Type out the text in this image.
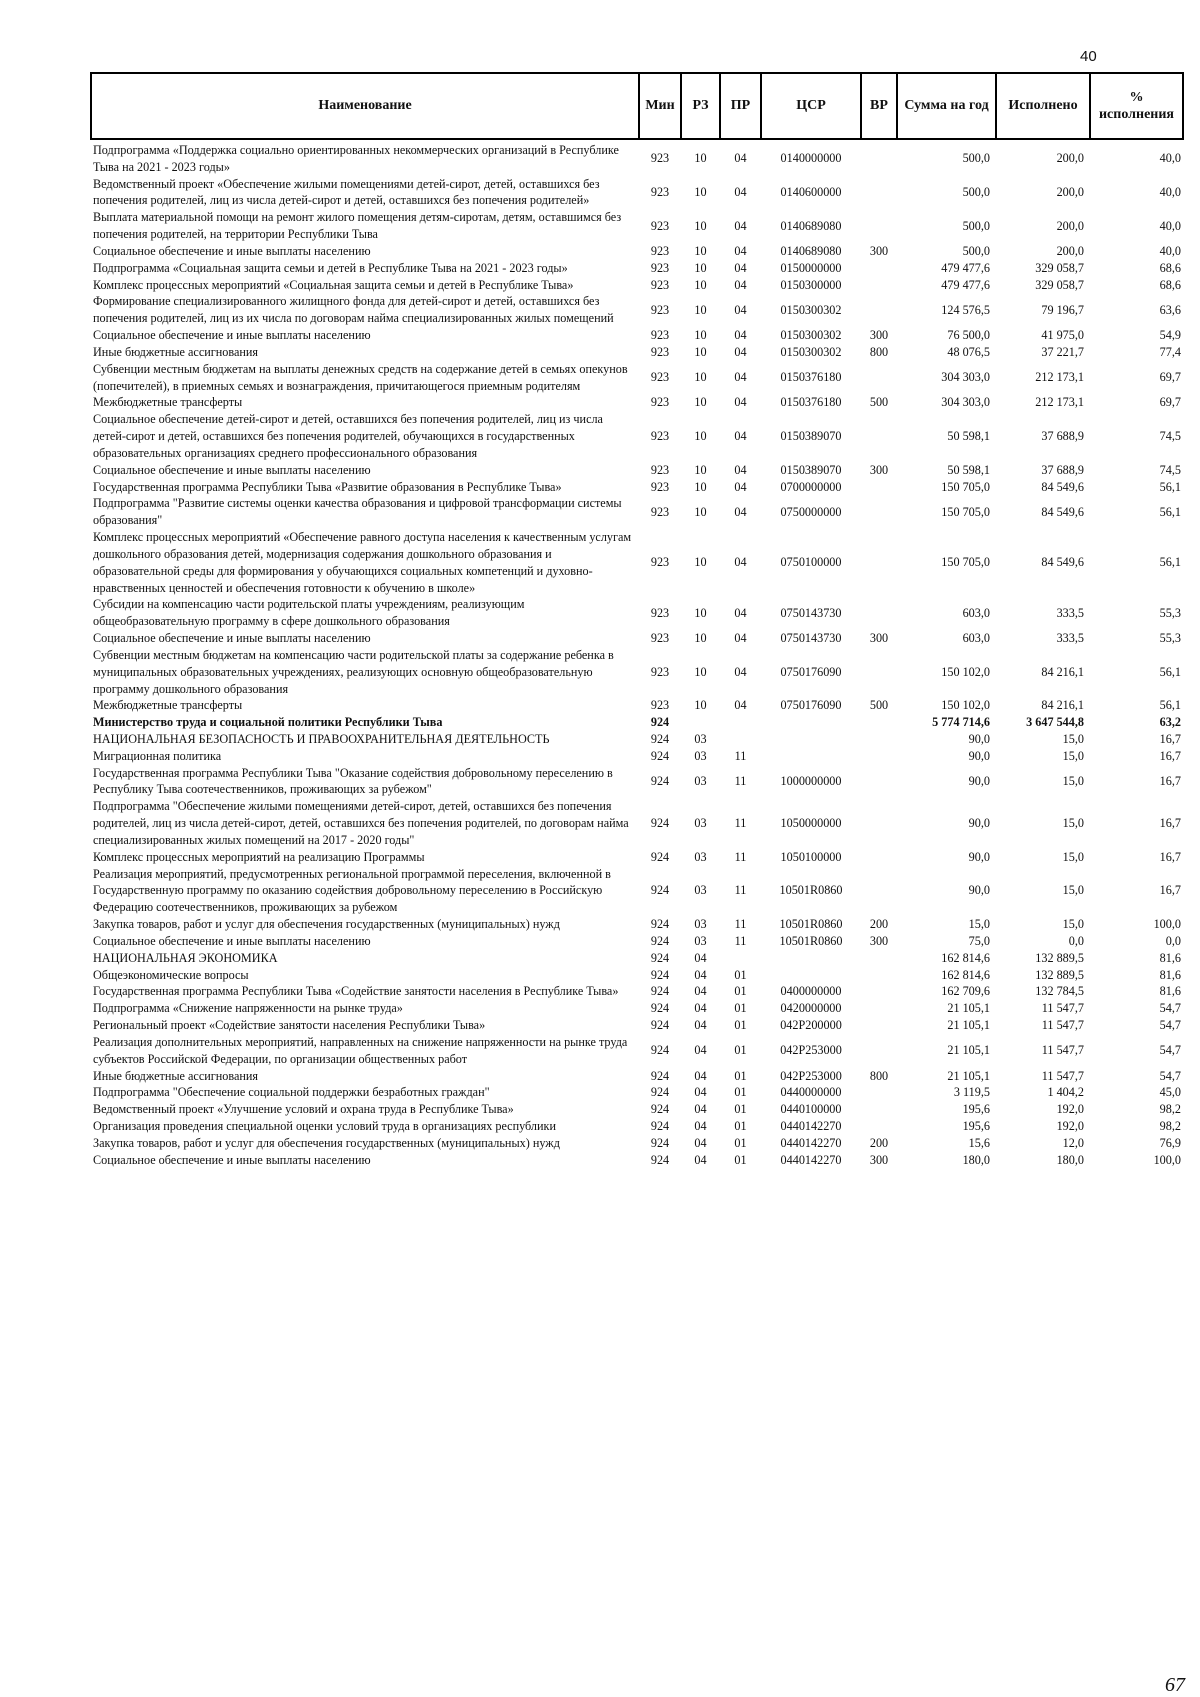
40
Наименование	Мин	РЗ	ПР	ЦСР	ВР	Сумма на год	Исполнено	% исполнения
Подпрограмма «Поддержка социально ориентированных некоммерческих организаций в Республике Тыва на 2021 - 2023 годы»	923	10	04	0140000000		500,0	200,0	40,0
Ведомственный проект «Обеспечение жилыми помещениями детей-сирот, детей, оставшихся без попечения родителей, лиц из числа детей-сирот и детей, оставшихся без попечения родителей»	923	10	04	0140600000		500,0	200,0	40,0
Выплата материальной помощи на ремонт жилого помещения детям-сиротам, детям, оставшимся без попечения родителей, на территории Республики Тыва	923	10	04	0140689080		500,0	200,0	40,0
Социальное обеспечение и иные выплаты населению	923	10	04	0140689080	300	500,0	200,0	40,0
Подпрограмма «Социальная защита семьи и детей в Республике Тыва на 2021 - 2023 годы»	923	10	04	0150000000		479 477,6	329 058,7	68,6
Комплекс процессных мероприятий «Социальная защита семьи и детей в Республике Тыва»	923	10	04	0150300000		479 477,6	329 058,7	68,6
Формирование специализированного жилищного фонда для детей-сирот и детей, оставшихся без попечения родителей, лиц из их числа по договорам найма специализированных жилых помещений	923	10	04	0150300302		124 576,5	79 196,7	63,6
Социальное обеспечение и иные выплаты населению	923	10	04	0150300302	300	76 500,0	41 975,0	54,9
Иные бюджетные ассигнования	923	10	04	0150300302	800	48 076,5	37 221,7	77,4
Субвенции местным бюджетам на выплаты денежных средств на содержание детей в семьях опекунов (попечителей), в приемных семьях и вознаграждения, причитающегося приемным родителям	923	10	04	0150376180		304 303,0	212 173,1	69,7
Межбюджетные трансферты	923	10	04	0150376180	500	304 303,0	212 173,1	69,7
Социальное обеспечение детей-сирот и детей, оставшихся без попечения родителей, лиц из числа детей-сирот и детей, оставшихся без попечения родителей, обучающихся в государственных образовательных организациях среднего профессионального образования	923	10	04	0150389070		50 598,1	37 688,9	74,5
Социальное обеспечение и иные выплаты населению	923	10	04	0150389070	300	50 598,1	37 688,9	74,5
Государственная программа Республики Тыва «Развитие образования в Республике Тыва»	923	10	04	0700000000		150 705,0	84 549,6	56,1
Подпрограмма "Развитие системы оценки качества образования и цифровой трансформации системы образования"	923	10	04	0750000000		150 705,0	84 549,6	56,1
Комплекс процессных мероприятий «Обеспечение равного доступа населения к качественным услугам дошкольного образования детей, модернизация содержания дошкольного образования и образовательной среды для формирования у обучающихся социальных компетенций и духовно-нравственных ценностей и обеспечения готовности к обучению в школе»	923	10	04	0750100000		150 705,0	84 549,6	56,1
Субсидии на компенсацию части родительской платы учреждениям, реализующим общеобразовательную программу в сфере дошкольного образования	923	10	04	0750143730		603,0	333,5	55,3
Социальное обеспечение и иные выплаты населению	923	10	04	0750143730	300	603,0	333,5	55,3
Субвенции местным бюджетам на компенсацию части родительской платы за содержание ребенка в муниципальных образовательных учреждениях, реализующих основную общеобразовательную программу дошкольного образования	923	10	04	0750176090		150 102,0	84 216,1	56,1
Межбюджетные трансферты	923	10	04	0750176090	500	150 102,0	84 216,1	56,1
Министерство труда и социальной политики Республики Тыва	924					5 774 714,6	3 647 544,8	63,2
НАЦИОНАЛЬНАЯ БЕЗОПАСНОСТЬ И ПРАВООХРАНИТЕЛЬНАЯ ДЕЯТЕЛЬНОСТЬ	924	03				90,0	15,0	16,7
Миграционная политика	924	03	11			90,0	15,0	16,7
Государственная программа Республики Тыва "Оказание содействия добровольному переселению в Республику Тыва соотечественников, проживающих за рубежом"	924	03	11	1000000000		90,0	15,0	16,7
Подпрограмма "Обеспечение жилыми помещениями детей-сирот, детей, оставшихся без попечения родителей, лиц из числа детей-сирот, детей, оставшихся без попечения родителей, по договорам найма специализированных жилых помещений на 2017 - 2020 годы"	924	03	11	1050000000		90,0	15,0	16,7
Комплекс процессных мероприятий на реализацию Программы	924	03	11	1050100000		90,0	15,0	16,7
Реализация мероприятий, предусмотренных региональной программой переселения, включенной в Государственную программу по оказанию содействия добровольному переселению в Российскую Федерацию соотечественников, проживающих за рубежом	924	03	11	10501R0860		90,0	15,0	16,7
Закупка товаров, работ и услуг для обеспечения государственных (муниципальных) нужд	924	03	11	10501R0860	200	15,0	15,0	100,0
Социальное обеспечение и иные выплаты населению	924	03	11	10501R0860	300	75,0	0,0	0,0
НАЦИОНАЛЬНАЯ ЭКОНОМИКА	924	04				162 814,6	132 889,5	81,6
Общеэкономические вопросы	924	04	01			162 814,6	132 889,5	81,6
Государственная программа Республики Тыва «Содействие занятости населения в Республике Тыва»	924	04	01	0400000000		162 709,6	132 784,5	81,6
Подпрограмма «Снижение напряженности на рынке труда»	924	04	01	0420000000		21 105,1	11 547,7	54,7
Региональный проект «Содействие занятости населения Республики Тыва»	924	04	01	042P200000		21 105,1	11 547,7	54,7
Реализация дополнительных мероприятий, направленных на снижение напряженности на рынке труда субъектов Российской Федерации, по организации общественных работ	924	04	01	042P253000		21 105,1	11 547,7	54,7
Иные бюджетные ассигнования	924	04	01	042P253000	800	21 105,1	11 547,7	54,7
Подпрограмма "Обеспечение социальной поддержки безработных граждан"	924	04	01	0440000000		3 119,5	1 404,2	45,0
Ведомственный проект «Улучшение условий и охрана труда в Республике Тыва»	924	04	01	0440100000		195,6	192,0	98,2
Организация проведения специальной оценки условий труда в организациях республики	924	04	01	0440142270		195,6	192,0	98,2
Закупка товаров, работ и услуг для обеспечения государственных (муниципальных) нужд	924	04	01	0440142270	200	15,6	12,0	76,9
Социальное обеспечение и иные выплаты населению	924	04	01	0440142270	300	180,0	180,0	100,0
67
